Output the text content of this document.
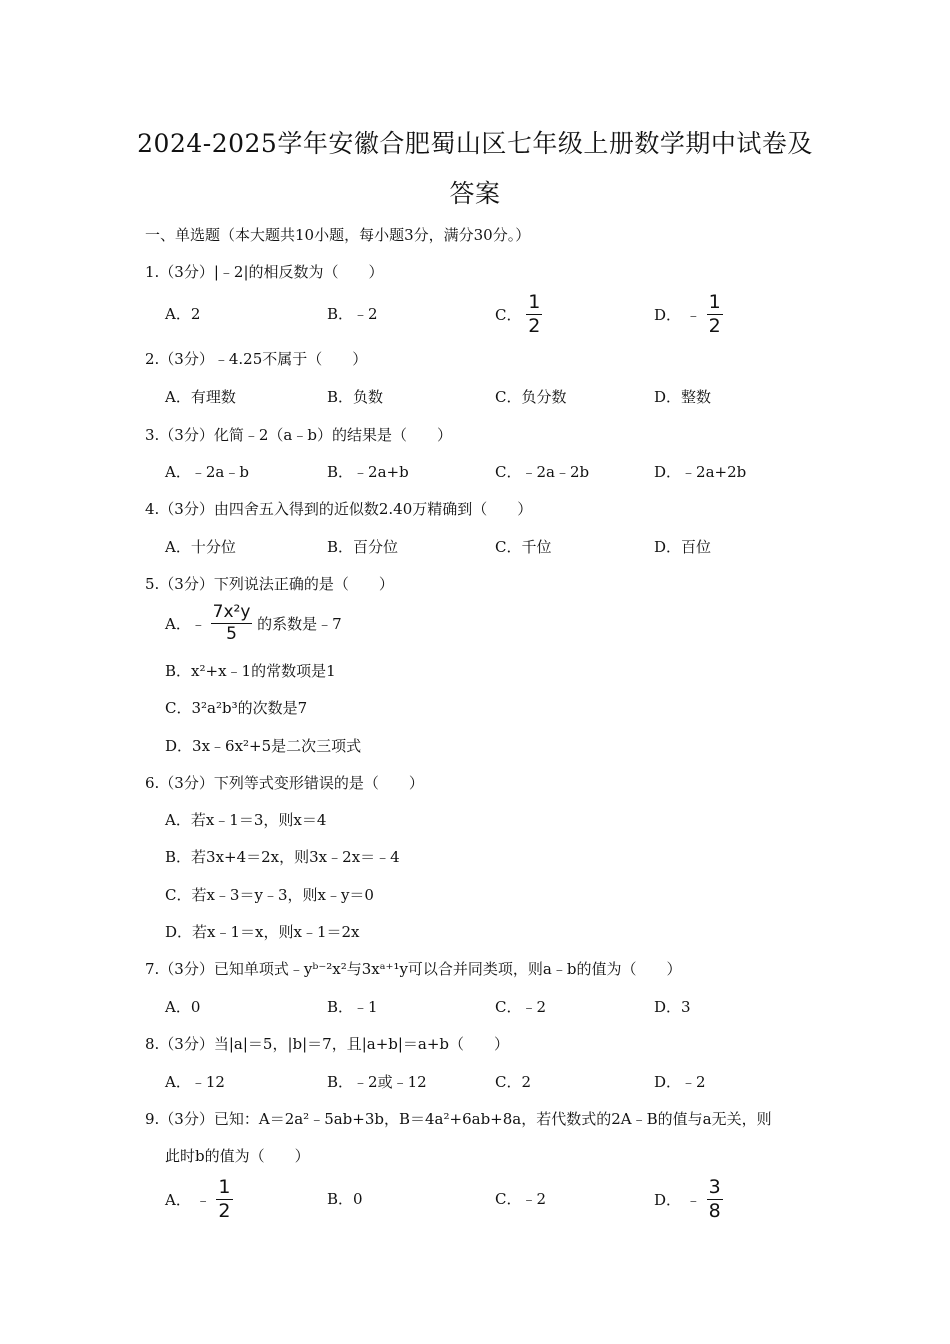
2024-2025学年安徽合肥蜀山区七年级上册数学期中试卷及
答案
一、单选题（本大题共10小题，每小题3分，满分30分。）
1.（3分）|﹣2|的相反数为（　　）
A．2	B．﹣2	C． $\frac{1}{2}$	D． ﹣ $\frac{1}{2}$
2.（3分）﹣4.25不属于（　　）
A．有理数	B．负数	C．负分数	D．整数
3.（3分）化简﹣2（a﹣b）的结果是（　　）
A．﹣2a﹣b	B．﹣2a+b	C．﹣2a﹣2b	D．﹣2a+2b
4.（3分）由四舍五入得到的近似数2.40万精确到（　　）
A．十分位	B．百分位	C．千位	D．百位
5.（3分）下列说法正确的是（　　）
A．﹣ $\frac{\text{7x²y}}{5}$ 的系数是﹣7
B．x²+x﹣1的常数项是1
C．3²a²b³的次数是7
D．3x﹣6x²+5是二次三项式
6.（3分）下列等式变形错误的是（　　）
A．若x﹣1＝3，则x＝4
B．若3x+4＝2x，则3x﹣2x＝﹣4
C．若x﹣3＝y﹣3，则x﹣y＝0
D．若x﹣1＝x，则x﹣1＝2x
7.（3分）已知单项式﹣yᵇ⁻²x²与3xᵃ⁺¹y可以合并同类项，则a﹣b的值为（　　）
A．0	B．﹣1	C．﹣2	D．3
8.（3分）当|a|＝5，|b|＝7，且|a+b|＝a+b（　　）
A．﹣12	B．﹣2或﹣12	C．2	D．﹣2
9.（3分）已知：A＝2a²﹣5ab+3b，B＝4a²+6ab+8a，若代数式的2A﹣B的值与a无关，则
此时b的值为（　　）
A． ﹣ $\frac{1}{2}$	B．0	C．﹣2	D． ﹣ $\frac{3}{8}$
